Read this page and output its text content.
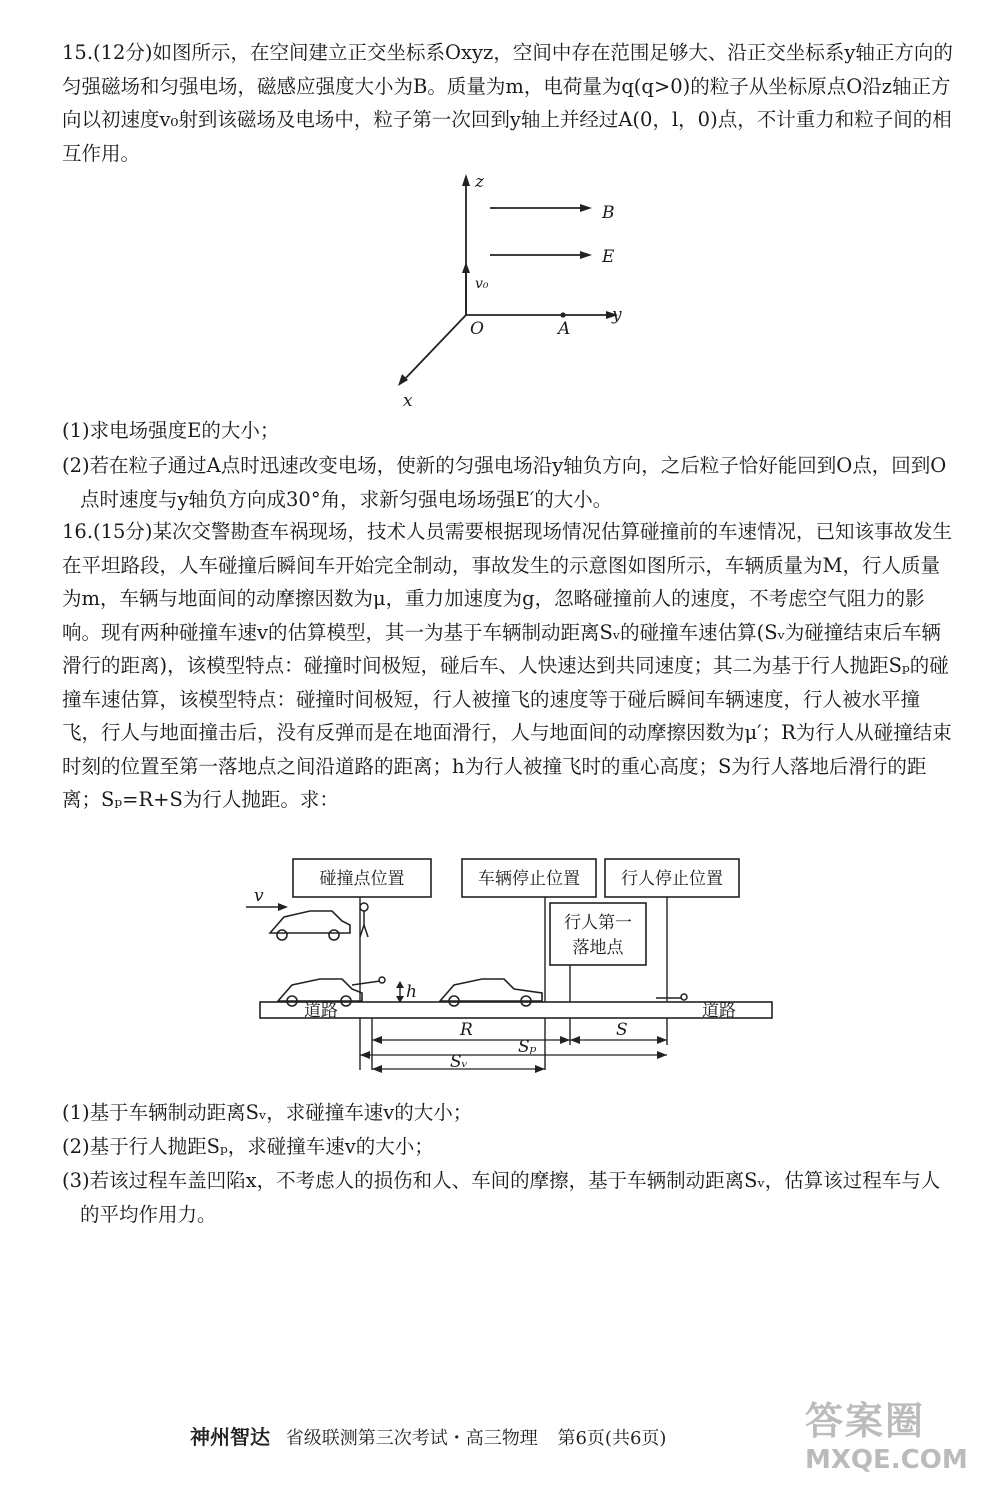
15.(12分)如图所示，在空间建立正交坐标系Oxyz，空间中存在范围足够大、沿正交坐标系y轴正方向的匀强磁场和匀强电场，磁感应强度大小为B。质量为m，电荷量为q(q>0)的粒子从坐标原点O沿z轴正方向以初速度v₀射到该磁场及电场中，粒子第一次回到y轴上并经过A(0，l，0)点，不计重力和粒子间的相互作用。
z
B
E
v₀
O	A
y
x
(1)求电场强度E的大小；
(2)若在粒子通过A点时迅速改变电场，使新的匀强电场沿y轴负方向，之后粒子恰好能回到O点，回到O点时速度与y轴负方向成30°角，求新匀强电场场强E′的大小。
16.(15分)某次交警勘查车祸现场，技术人员需要根据现场情况估算碰撞前的车速情况，已知该事故发生在平坦路段，人车碰撞后瞬间车开始完全制动，事故发生的示意图如图所示，车辆质量为M，行人质量为m，车辆与地面间的动摩擦因数为μ，重力加速度为g，忽略碰撞前人的速度，不考虑空气阻力的影响。现有两种碰撞车速v的估算模型，其一为基于车辆制动距离Sᵥ的碰撞车速估算(Sᵥ为碰撞结束后车辆滑行的距离)，该模型特点：碰撞时间极短，碰后车、人快速达到共同速度；其二为基于行人抛距Sₚ的碰撞车速估算，该模型特点：碰撞时间极短，行人被撞飞的速度等于碰后瞬间车辆速度，行人被水平撞飞，行人与地面撞击后，没有反弹而是在地面滑行，人与地面间的动摩擦因数为μ′；R为行人从碰撞结束时刻的位置至第一落地点之间沿道路的距离；h为行人被撞飞时的重心高度；S为行人落地后滑行的距离；Sₚ=R+S为行人抛距。求：
碰撞点位置	车辆停止位置 行人停止位置
行人第一
落地点
v
道路	道路
h
R	S
Sₚ
Sᵥ
(1)基于车辆制动距离Sᵥ，求碰撞车速v的大小；
(2)基于行人抛距Sₚ，求碰撞车速v的大小；
(3)若该过程车盖凹陷x，不考虑人的损伤和人、车间的摩擦，基于车辆制动距离Sᵥ，估算该过程车与人的平均作用力。
神州智达 省级联测第三次考试・高三物理 第6页(共6页)	答案圈
MXQE.COM
